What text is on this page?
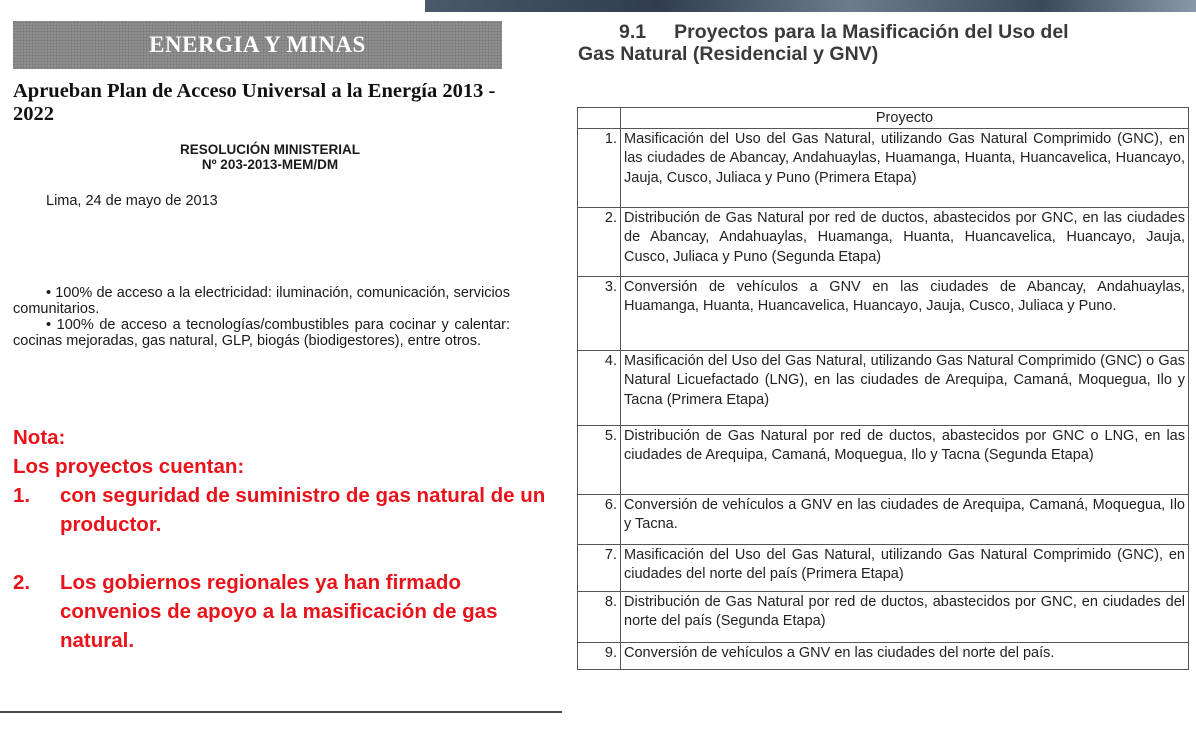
ENERGIA Y MINAS
Aprueban Plan de Acceso Universal a la Energía 2013 - 2022
RESOLUCIÓN MINISTERIAL
Nº 203-2013-MEM/DM
Lima, 24 de mayo de 2013

• 100% de acceso a la electricidad: iluminación, comunicación, servicios comunitarios.

• 100% de acceso a tecnologías/combustibles para cocinar y calentar: cocinas mejoradas, gas natural, GLP, biogás (biodigestores), entre otros.

Nota:
Los proyectos cuentan:
1. con seguridad de suministro de gas natural de un productor.
2. Los gobiernos regionales ya han firmado convenios de apoyo a la masificación de gas natural.
9.1 Proyectos para la Masificación del Uso del
Gas Natural (Residencial y GNV)
	Proyecto
1.	Masificación del Uso del Gas Natural, utilizando Gas Natural Comprimido (GNC), en las ciudades de Abancay, Andahuaylas, Huamanga, Huanta, Huancavelica, Huancayo, Jauja, Cusco, Juliaca y Puno (Primera Etapa)
2.	Distribución de Gas Natural por red de ductos, abastecidos por GNC, en las ciudades de Abancay, Andahuaylas, Huamanga, Huanta, Huancavelica, Huancayo, Jauja, Cusco, Juliaca y Puno (Segunda Etapa)
3.	Conversión de vehículos a GNV en las ciudades de Abancay, Andahuaylas, Huamanga, Huanta, Huancavelica, Huancayo, Jauja, Cusco, Juliaca y Puno.
4.	Masificación del Uso del Gas Natural, utilizando Gas Natural Comprimido (GNC) o Gas Natural Licuefactado (LNG), en las ciudades de Arequipa, Camaná, Moquegua, Ilo y Tacna (Primera Etapa)
5.	Distribución de Gas Natural por red de ductos, abastecidos por GNC o LNG, en las ciudades de Arequipa, Camaná, Moquegua, Ilo y Tacna (Segunda Etapa)
6.	Conversión de vehículos a GNV en las ciudades de Arequipa, Camaná, Moquegua, Ilo y Tacna.
7.	Masificación del Uso del Gas Natural, utilizando Gas Natural Comprimido (GNC), en ciudades del norte del país (Primera Etapa)
8.	Distribución de Gas Natural por red de ductos, abastecidos por GNC, en ciudades del norte del país (Segunda Etapa)
9.	Conversión de vehículos a GNV en las ciudades del norte del país.
